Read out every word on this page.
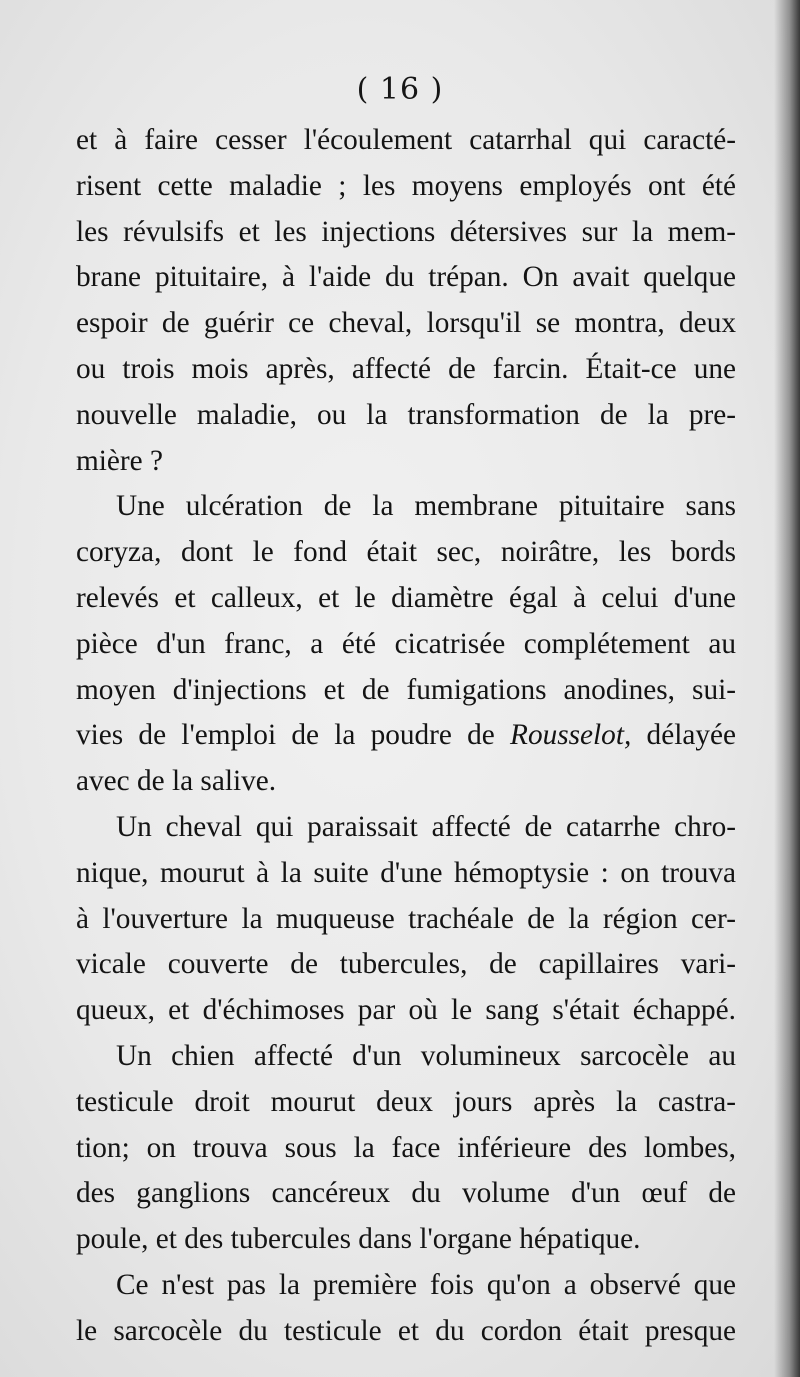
( 16 )
et à faire cesser l'écoulement catarrhal qui caracté-
risent cette maladie ; les moyens employés ont été
les révulsifs et les injections détersives sur la mem-
brane pituitaire, à l'aide du trépan. On avait quelque
espoir de guérir ce cheval, lorsqu'il se montra, deux
ou trois mois après, affecté de farcin. Était-ce une
nouvelle maladie, ou la transformation de la pre-
mière ?
Une ulcération de la membrane pituitaire sans
coryza, dont le fond était sec, noirâtre, les bords
relevés et calleux, et le diamètre égal à celui d'une
pièce d'un franc, a été cicatrisée complétement au
moyen d'injections et de fumigations anodines, sui-
vies de l'emploi de la poudre de Rousselot, délayée
avec de la salive.
Un cheval qui paraissait affecté de catarrhe chro-
nique, mourut à la suite d'une hémoptysie : on trouva
à l'ouverture la muqueuse trachéale de la région cer-
vicale couverte de tubercules, de capillaires vari-
queux, et d'échimoses par où le sang s'était échappé.
Un chien affecté d'un volumineux sarcocèle au
testicule droit mourut deux jours après la castra-
tion; on trouva sous la face inférieure des lombes,
des ganglions cancéreux du volume d'un œuf de
poule, et des tubercules dans l'organe hépatique.
Ce n'est pas la première fois qu'on a observé que
le sarcocèle du testicule et du cordon était presque
